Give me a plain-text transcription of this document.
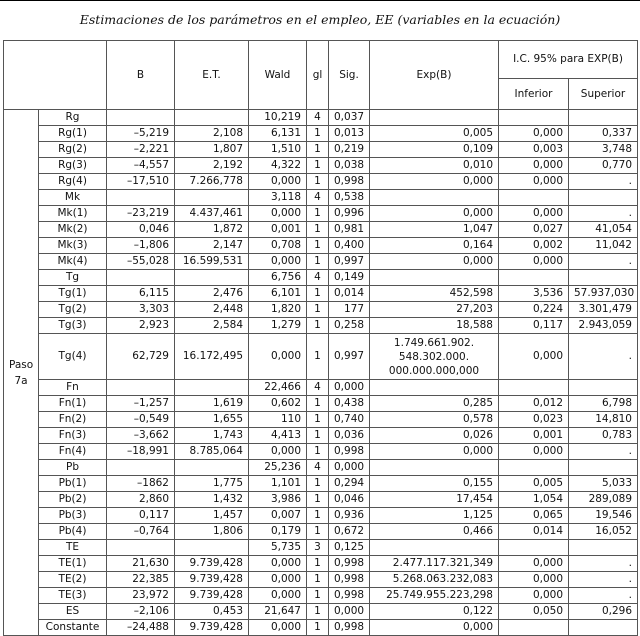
Estimaciones de los parámetros en el empleo, EE (variables en la ecuación)
		B	E.T.	Wald	gl	Sig.	Exp(B)	I.C. 95% para EXP(B)	
								Inferior	Superior
Paso 7a	Rg			10,219	4	0,037			
	Rg(1)	–5,219	2,108	6,131	1	0,013	0,005	0,000	0,337
	Rg(2)	–2,221	1,807	1,510	1	0,219	0,109	0,003	3,748
	Rg(3)	–4,557	2,192	4,322	1	0,038	0,010	0,000	0,770
	Rg(4)	–17,510	7.266,778	0,000	1	0,998	0,000	0,000	.
	Mk			3,118	4	0,538			
	Mk(1)	–23,219	4.437,461	0,000	1	0,996	0,000	0,000	.
	Mk(2)	0,046	1,872	0,001	1	0,981	1,047	0,027	41,054
	Mk(3)	–1,806	2,147	0,708	1	0,400	0,164	0,002	11,042
	Mk(4)	–55,028	16.599,531	0,000	1	0,997	0,000	0,000	.
	Tg			6,756	4	0,149			
	Tg(1)	6,115	2,476	6,101	1	0,014	452,598	3,536	57.937,030
	Tg(2)	3,303	2,448	1,820	1	177	27,203	0,224	3.301,479
	Tg(3)	2,923	2,584	1,279	1	0,258	18,588	0,117	2.943,059
	Tg(4)	62,729	16.172,495	0,000	1	0,997	1.749.661.902. 548.302.000. 000.000.000,000	0,000	.
	Fn			22,466	4	0,000			
	Fn(1)	–1,257	1,619	0,602	1	0,438	0,285	0,012	6,798
	Fn(2)	–0,549	1,655	110	1	0,740	0,578	0,023	14,810
	Fn(3)	–3,662	1,743	4,413	1	0,036	0,026	0,001	0,783
	Fn(4)	–18,991	8.785,064	0,000	1	0,998	0,000	0,000	.
	Pb			25,236	4	0,000			
	Pb(1)	–1862	1,775	1,101	1	0,294	0,155	0,005	5,033
	Pb(2)	2,860	1,432	3,986	1	0,046	17,454	1,054	289,089
	Pb(3)	0,117	1,457	0,007	1	0,936	1,125	0,065	19,546
	Pb(4)	–0,764	1,806	0,179	1	0,672	0,466	0,014	16,052
	TE			5,735	3	0,125			
	TE(1)	21,630	9.739,428	0,000	1	0,998	2.477.117.321,349	0,000	.
	TE(2)	22,385	9.739,428	0,000	1	0,998	5.268.063.232,083	0,000	.
	TE(3)	23,972	9.739,428	0,000	1	0,998	25.749.955.223,298	0,000	.
	ES	–2,106	0,453	21,647	1	0,000	0,122	0,050	0,296
	Constante	–24,488	9.739,428	0,000	1	0,998	0,000		
